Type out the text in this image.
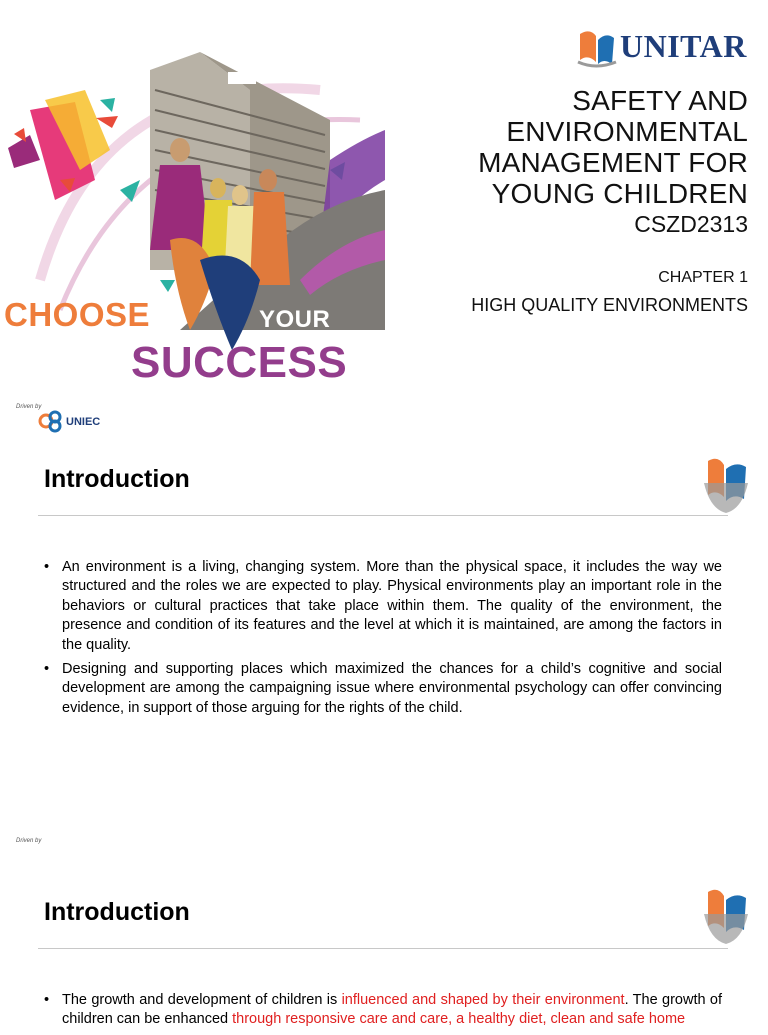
CHOOSE	YOUR
SUCCESS
UNITAR
SAFETY AND
ENVIRONMENTAL
MANAGEMENT FOR
YOUNG CHILDREN
CSZD2313
CHAPTER 1
HIGH QUALITY ENVIRONMENTS
Driven by
UNIEC
Introduction
• An environment is a living, changing system. More than the physical space, it includes the way we structured and the roles we are expected to play. Physical environments play an important role in the behaviors or cultural practices that take place within them. The quality of the environment, the presence and condition of its features and the level at which it is maintained, are among the factors in the quality.
• Designing and supporting places which maximized the chances for a child’s cognitive and social development are among the campaigning issue where environmental psychology can offer convincing evidence, in support of those arguing for the rights of the child.
Driven by
Introduction
• The growth and development of children is influenced and shaped by their environment. The growth of children can be enhanced through responsive care and care, a healthy diet, clean and safe home
